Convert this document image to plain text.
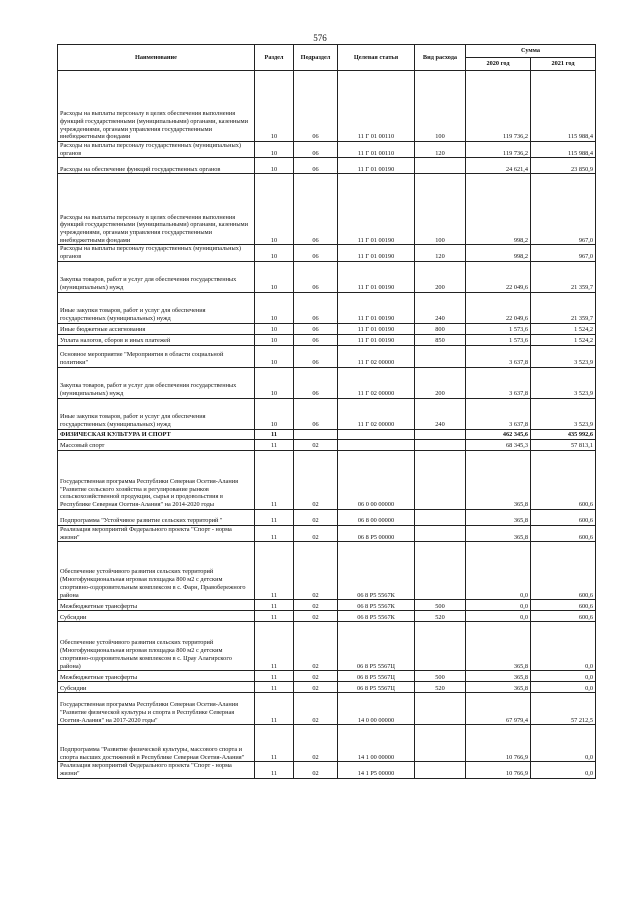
576
Наименование	Раздел	Подраздел	Целевая статья	Вид расхода	Сумма	
					2020 год	2021 год
Расходы на выплаты персоналу в целях обеспечения выполнения функций государственными (муниципальными) органами, казенными учреждениями, органами управления государственными внебюджетными фондами	10	06	11 Г 01 00110	100	119 736,2	115 988,4
Расходы на выплаты персоналу государственных (муниципальных) органов	10	06	11 Г 01 00110	120	119 736,2	115 988,4
Расходы на обеспечение функций государственных органов	10	06	11 Г 01 00190		24 621,4	23 850,9
Расходы на выплаты персоналу в целях обеспечения выполнения функций государственными (муниципальными) органами, казенными учреждениями, органами управления государственными внебюджетными фондами	10	06	11 Г 01 00190	100	998,2	967,0
Расходы на выплаты персоналу государственных (муниципальных) органов	10	06	11 Г 01 00190	120	998,2	967,0
Закупка товаров, работ и услуг для обеспечения государственных (муниципальных) нужд	10	06	11 Г 01 00190	200	22 049,6	21 359,7
Иные закупки товаров, работ и услуг для обеспечения государственных (муниципальных) нужд	10	06	11 Г 01 00190	240	22 049,6	21 359,7
Иные бюджетные ассигнования	10	06	11 Г 01 00190	800	1 573,6	1 524,2
Уплата налогов, сборов и иных платежей	10	06	11 Г 01 00190	850	1 573,6	1 524,2
Основное мероприятие "Мероприятия в области социальной политики"	10	06	11 Г 02 00000		3 637,8	3 523,9
Закупка товаров, работ и услуг для обеспечения государственных (муниципальных) нужд	10	06	11 Г 02 00000	200	3 637,8	3 523,9
Иные закупки товаров, работ и услуг для обеспечения государственных (муниципальных) нужд	10	06	11 Г 02 00000	240	3 637,8	3 523,9
ФИЗИЧЕСКАЯ КУЛЬТУРА И СПОРТ	11				462 345,6	435 992,6
Массовый спорт	11	02			68 345,3	57 813,1
Государственная программа Республики Северная Осетия-Алания "Развитие сельского хозяйства и регулирование рынков сельскохозяйственной продукции, сырья и продовольствия в Республике Северная Осетия-Алания" на 2014-2020 годы	11	02	06 0 00 00000		365,8	600,6
Подпрограмма "Устойчивое развитие сельских территорий "	11	02	06 8 00 00000		365,8	600,6
Реализация мероприятий Федерального проекта "Спорт - норма жизни"	11	02	06 8 P5 00000		365,8	600,6
Обеспечение устойчивого развития сельских территорий (Многофункциональная игровая площадка 800 м2 с детским спортивно-оздоровительным комплексом в с. Фарн, Правобережного района	11	02	06 8 P5 5567К		0,0	600,6
Межбюджетные трансферты	11	02	06 8 P5 5567К	500	0,0	600,6
Субсидии	11	02	06 8 P5 5567К	520	0,0	600,6
Обеспечение устойчивого развития сельских территорий (Многофункциональная игровая площадка 800 м2 с детским спортивно-оздоровительным комплексом в с. Црау Алагирского района)	11	02	06 8 P5 5567Ц		365,8	0,0
Межбюджетные трансферты	11	02	06 8 P5 5567Ц	500	365,8	0,0
Субсидии	11	02	06 8 P5 5567Ц	520	365,8	0,0
Государственная программа Республики Северная Осетия-Алания "Развитие физической культуры и спорта в Республике Северная Осетия-Алания" на 2017-2020 годы"	11	02	14 0 00 00000		67 979,4	57 212,5
Подпрограмма "Развитие физической культуры, массового спорта и спорта высших достижений в Республике Северная Осетия-Алания"	11	02	14 1 00 00000		10 766,9	0,0
Реализация мероприятий Федерального проекта "Спорт - норма жизни"	11	02	14 1 P5 00000		10 766,9	0,0
